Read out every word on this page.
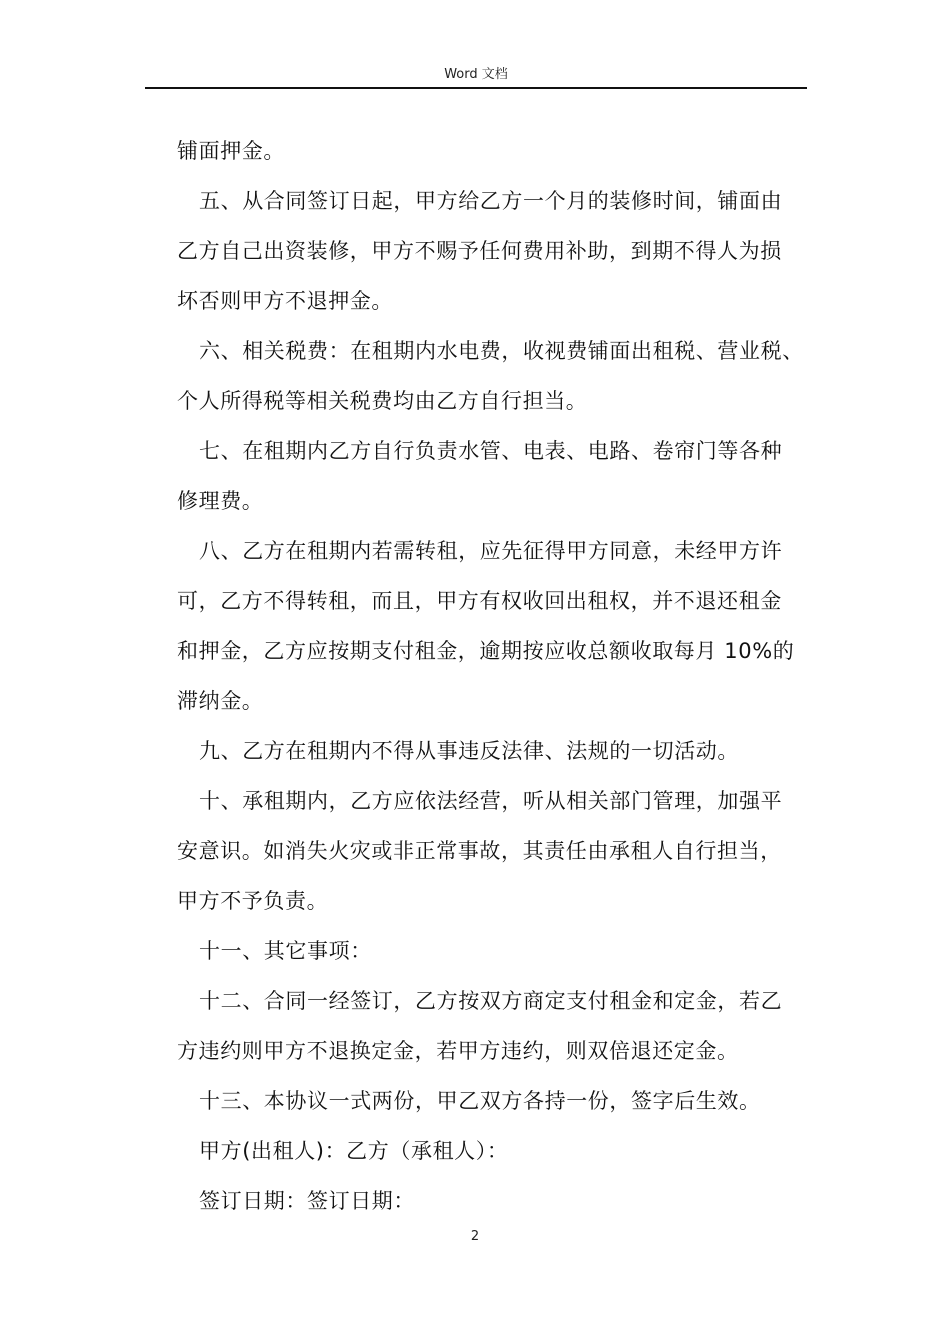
Word 文档

铺面押金。

五、从合同签订日起，甲方给乙方一个月的装修时间，铺面由

乙方自己出资装修，甲方不赐予任何费用补助，到期不得人为损

坏否则甲方不退押金。

六、相关税费：在租期内水电费，收视费铺面出租税、营业税、

个人所得税等相关税费均由乙方自行担当。

七、在租期内乙方自行负责水管、电表、电路、卷帘门等各种

修理费。

八、乙方在租期内若需转租，应先征得甲方同意，未经甲方许

可，乙方不得转租，而且，甲方有权收回出租权，并不退还租金

和押金，乙方应按期支付租金，逾期按应收总额收取每月 10%的

滞纳金。

九、乙方在租期内不得从事违反法律、法规的一切活动。

十、承租期内，乙方应依法经营，听从相关部门管理，加强平

安意识。如消失火灾或非正常事故，其责任由承租人自行担当，

甲方不予负责。

十一、其它事项：

十二、合同一经签订，乙方按双方商定支付租金和定金，若乙

方违约则甲方不退换定金，若甲方违约，则双倍退还定金。

十三、本协议一式两份，甲乙双方各持一份，签字后生效。

甲方(出租人)：乙方（承租人）：

签订日期：签订日期：

2
